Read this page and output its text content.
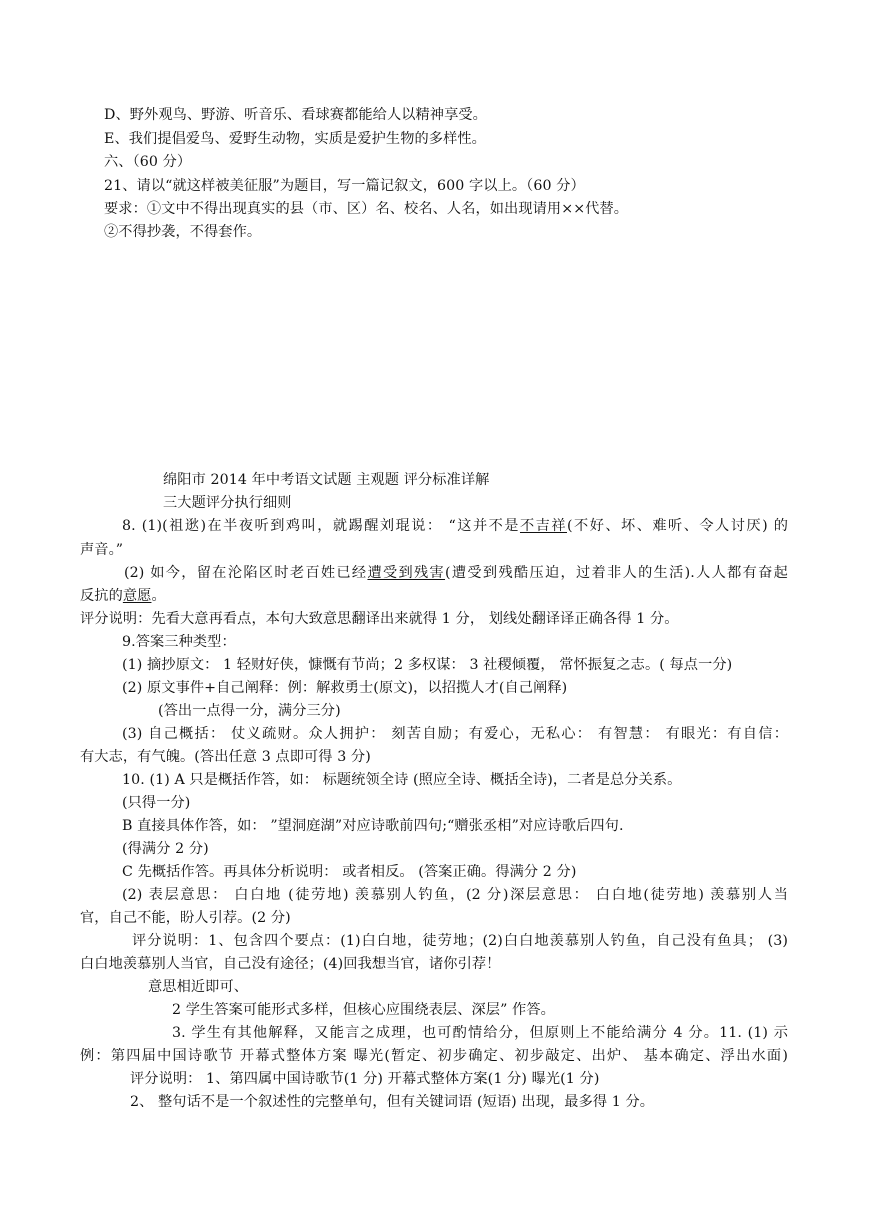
D、野外观鸟、野游、听音乐、看球赛都能给人以精神享受。
E、我们提倡爱鸟、爱野生动物，实质是爱护生物的多样性。
六、（60 分）
21、请以“就这样被美征服”为题目，写一篇记叙文，600 字以上。（60 分）
要求：①文中不得出现真实的县（市、区）名、校名、人名，如出现请用××代替。
②不得抄袭，不得套作。
绵阳市 2014 年中考语文试题 主观题 评分标准详解
三大题评分执行细则
8. (1)(祖逖)在半夜听到鸡叫，就踢醒刘琨说： “这并不是不吉祥(不好、坏、难听、令人讨厌) 的
声音。”
(2) 如今，留在沦陷区时老百姓已经遭受到残害(遭受到残酷压迫，过着非人的生活).人人都有奋起
反抗的意愿。
评分说明：先看大意再看点，本句大致意思翻译出来就得 1 分， 划线处翻译译正确各得 1 分。
9.答案三种类型：
(1) 摘抄原文： 1 轻财好侠，慷慨有节尚；2 多权谋： 3 社稷倾覆， 常怀振复之志。( 每点一分)
(2) 原文事件+自己阐释：例：解救勇士(原文)，以招揽人才(自己阐释)
(答出一点得一分，满分三分)
(3) 自己概括： 仗义疏财。众人拥护： 刻苦自励；有爱心，无私心： 有智慧： 有眼光：有自信：
有大志，有气魄。(答出任意 3 点即可得 3 分)
10. (1) A 只是概括作答，如： 标题统领全诗 (照应全诗、概括全诗)，二者是总分关系。
(只得一分)
B 直接具体作答，如： ”望洞庭湖”对应诗歌前四句;“赠张丞相”对应诗歌后四句.
(得满分 2 分)
C 先概括作答。再具体分析说明： 或者相反。 (答案正确。得满分 2 分)
(2) 表层意思： 白白地 (徒劳地) 羡慕别人钓鱼，(2 分)深层意思： 白白地(徒劳地) 羡慕别人当
官，自己不能，盼人引荐。(2 分)
评分说明：1、包含四个要点：(1)白白地，徒劳地；(2)白白地羡慕别人钓鱼，自己没有鱼具； (3)
白白地羡慕别人当官，自己没有途径；(4)回我想当官，诸你引荐！
意思相近即可、
2 学生答案可能形式多样，但核心应围绕表层、深层” 作答。
3. 学生有其他解释，又能言之成理，也可酌情给分，但原则上不能给满分 4 分。11. (1) 示
例：第四届中国诗歌节 开幕式整体方案 曝光(暂定、初步确定、初步敲定、出炉、 基本确定、浮出水面)
评分说明： 1、第四属中国诗歌节(1 分) 开幕式整体方案(1 分) 曝光(1 分)
2、 整句话不是一个叙述性的完整单句，但有关键词语 (短语) 出现，最多得 1 分。
